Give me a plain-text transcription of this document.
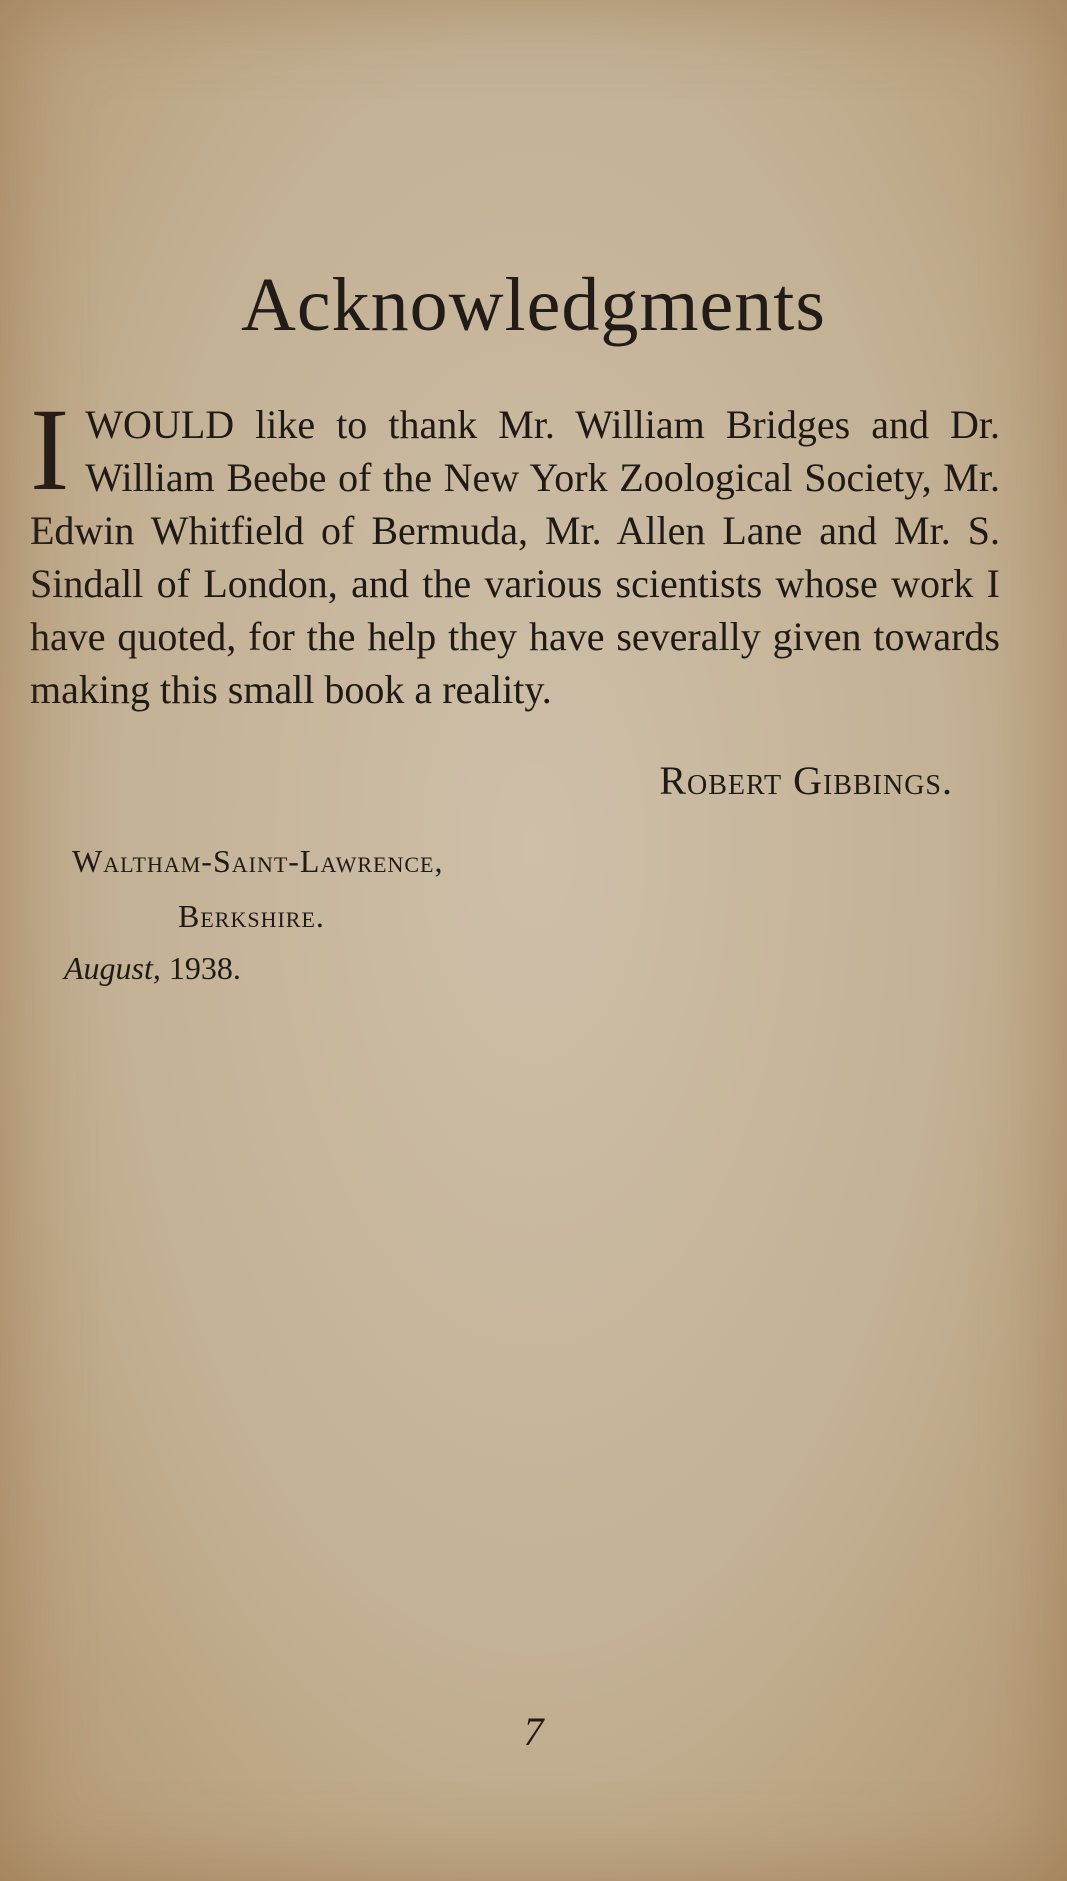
Acknowledgments

IWOULD like to thank Mr. William Bridges and Dr. William Beebe of the New York Zoological Society, Mr. Edwin Whitfield of Bermuda, Mr. Allen Lane and Mr. S. Sindall of London, and the various scientists whose work I have quoted, for the help they have severally given towards making this small book a reality.

Robert Gibbings.
Waltham-Saint-Lawrence,
Berkshire.
August, 1938.
7
